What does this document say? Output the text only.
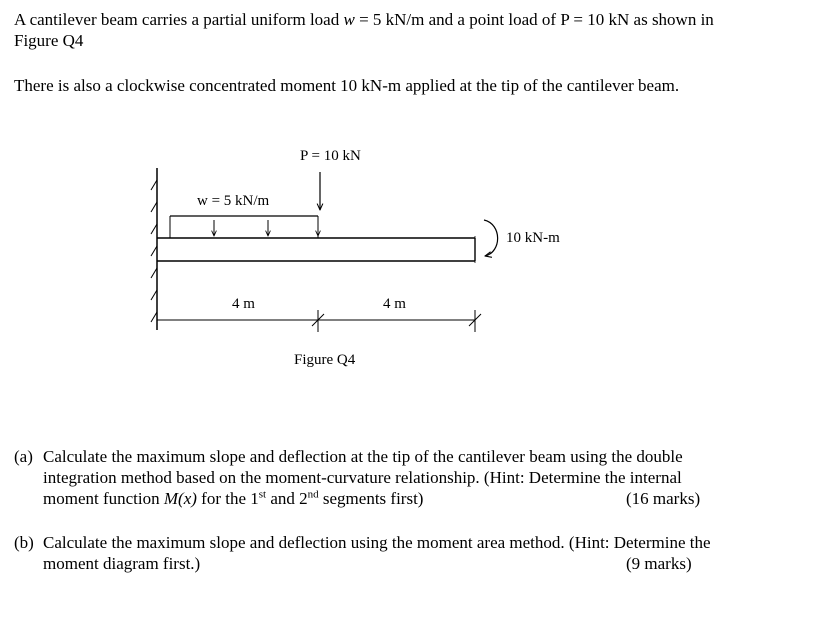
A cantilever beam carries a partial uniform load w = 5 kN/m and a point load of P = 10 kN as shown in Figure Q4

There is also a clockwise concentrated moment 10 kN-m applied at the tip of the cantilever beam.

w = 5 kN/m
P = 10 kN
10 kN-m
4 m	4 m
Figure Q4
(a) Calculate the maximum slope and deflection at the tip of the cantilever beam using the double integration method based on the moment-curvature relationship. (Hint: Determine the internal moment function M(x) for the 1st and 2nd segments first)	(16 marks)
(b) Calculate the maximum slope and deflection using the moment area method. (Hint: Determine the moment diagram first.)	(9 marks)
